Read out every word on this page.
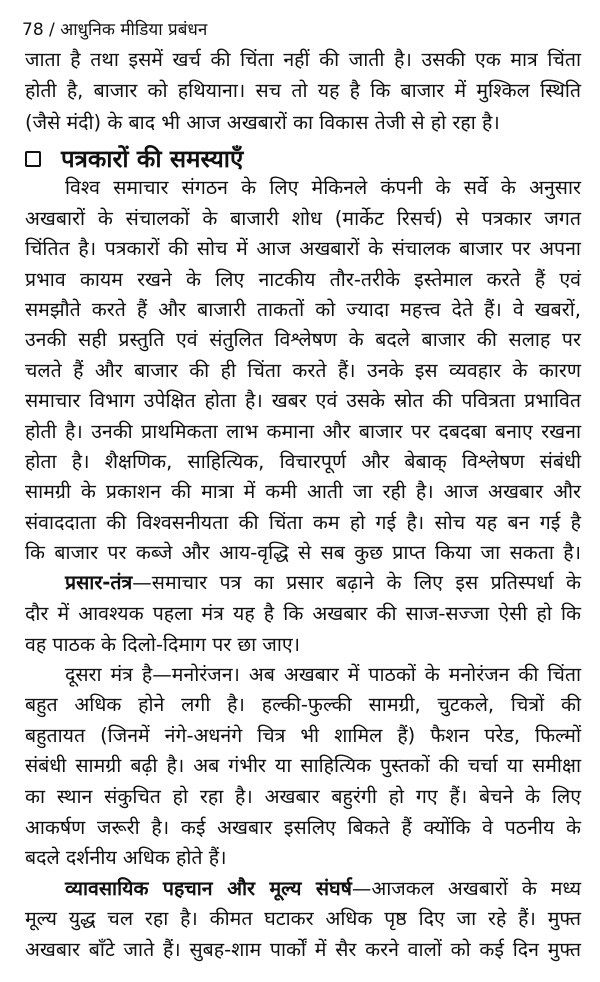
78 / आधुनिक मीडिया प्रबंधन
जाता है तथा इसमें खर्च की चिंता नहीं की जाती है। उसकी एक मात्र चिंता
होती है, बाजार को हथियाना। सच तो यह है कि बाजार में मुश्किल स्थिति
(जैसे मंदी) के बाद भी आज अखबारों का विकास तेजी से हो रहा है।
पत्रकारों की समस्याएँ
विश्व समाचार संगठन के लिए मेकिनले कंपनी के सर्वे के अनुसार
अखबारों के संचालकों के बाजारी शोध (मार्केट रिसर्च) से पत्रकार जगत
चिंतित है। पत्रकारों की सोच में आज अखबारों के संचालक बाजार पर अपना
प्रभाव कायम रखने के लिए नाटकीय तौर-तरीके इस्तेमाल करते हैं एवं
समझौते करते हैं और बाजारी ताकतों को ज्यादा महत्त्व देते हैं। वे खबरों,
उनकी सही प्रस्तुति एवं संतुलित विश्लेषण के बदले बाजार की सलाह पर
चलते हैं और बाजार की ही चिंता करते हैं। उनके इस व्यवहार के कारण
समाचार विभाग उपेक्षित होता है। खबर एवं उसके स्रोत की पवित्रता प्रभावित
होती है। उनकी प्राथमिकता लाभ कमाना और बाजार पर दबदबा बनाए रखना
होता है। शैक्षणिक, साहित्यिक, विचारपूर्ण और बेबाक् विश्लेषण संबंधी
सामग्री के प्रकाशन की मात्रा में कमी आती जा रही है। आज अखबार और
संवाददाता की विश्वसनीयता की चिंता कम हो गई है। सोच यह बन गई है
कि बाजार पर कब्जे और आय-वृद्धि से सब कुछ प्राप्त किया जा सकता है।
प्रसार-तंत्र—समाचार पत्र का प्रसार बढ़ाने के लिए इस प्रतिस्पर्धा के
दौर में आवश्यक पहला मंत्र यह है कि अखबार की साज-सज्जा ऐसी हो कि
वह पाठक के दिलो-दिमाग पर छा जाए।
दूसरा मंत्र है—मनोरंजन। अब अखबार में पाठकों के मनोरंजन की चिंता
बहुत अधिक होने लगी है। हल्की-फुल्की सामग्री, चुटकले, चित्रों की
बहुतायत (जिनमें नंगे-अधनंगे चित्र भी शामिल हैं) फैशन परेड, फिल्मों
संबंधी सामग्री बढ़ी है। अब गंभीर या साहित्यिक पुस्तकों की चर्चा या समीक्षा
का स्थान संकुचित हो रहा है। अखबार बहुरंगी हो गए हैं। बेचने के लिए
आकर्षण जरूरी है। कई अखबार इसलिए बिकते हैं क्योंकि वे पठनीय के
बदले दर्शनीय अधिक होते हैं।
व्यावसायिक पहचान और मूल्य संघर्ष—आजकल अखबारों के मध्य
मूल्य युद्ध चल रहा है। कीमत घटाकर अधिक पृष्ठ दिए जा रहे हैं। मुफ्त
अखबार बाँटे जाते हैं। सुबह-शाम पार्कों में सैर करने वालों को कई दिन मुफ्त
